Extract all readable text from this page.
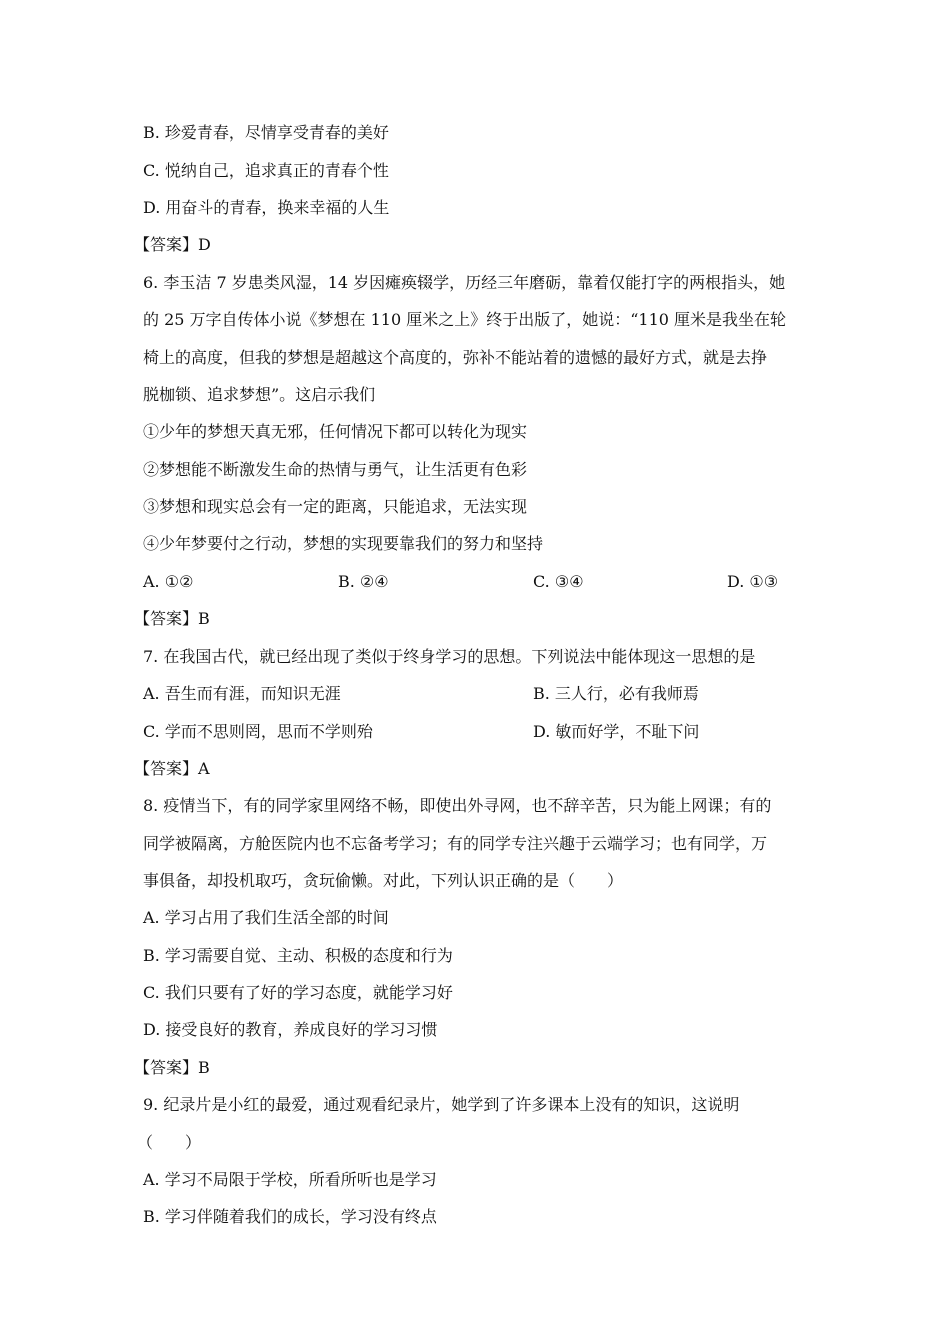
B. 珍爱青春，尽情享受青春的美好
C. 悦纳自己，追求真正的青春个性
D. 用奋斗的青春，换来幸福的人生
【答案】D
6. 李玉洁 7 岁患类风湿，14 岁因瘫痪辍学，历经三年磨砺，靠着仅能打字的两根指头，她
的 25 万字自传体小说《梦想在 110 厘米之上》终于出版了，她说：“110 厘米是我坐在轮
椅上的高度，但我的梦想是超越这个高度的，弥补不能站着的遗憾的最好方式，就是去挣
脱枷锁、追求梦想”。这启示我们
①少年的梦想天真无邪，任何情况下都可以转化为现实
②梦想能不断激发生命的热情与勇气，让生活更有色彩
③梦想和现实总会有一定的距离，只能追求，无法实现
④少年梦要付之行动，梦想的实现要靠我们的努力和坚持
A. ①②	B. ②④	C. ③④	D. ①③
【答案】B
7. 在我国古代，就已经出现了类似于终身学习的思想。下列说法中能体现这一思想的是
A. 吾生而有涯，而知识无涯	B. 三人行，必有我师焉
C. 学而不思则罔，思而不学则殆	D. 敏而好学，不耻下问
【答案】A
8. 疫情当下，有的同学家里网络不畅，即使出外寻网，也不辞辛苦，只为能上网课；有的
同学被隔离，方舱医院内也不忘备考学习；有的同学专注兴趣于云端学习；也有同学，万
事俱备，却投机取巧，贪玩偷懒。对此，下列认识正确的是（　　）
A. 学习占用了我们生活全部的时间
B. 学习需要自觉、主动、积极的态度和行为
C. 我们只要有了好的学习态度，就能学习好
D. 接受良好的教育，养成良好的学习习惯
【答案】B
9. 纪录片是小红的最爱，通过观看纪录片，她学到了许多课本上没有的知识，这说明
（　　）
A. 学习不局限于学校，所看所听也是学习
B. 学习伴随着我们的成长，学习没有终点
